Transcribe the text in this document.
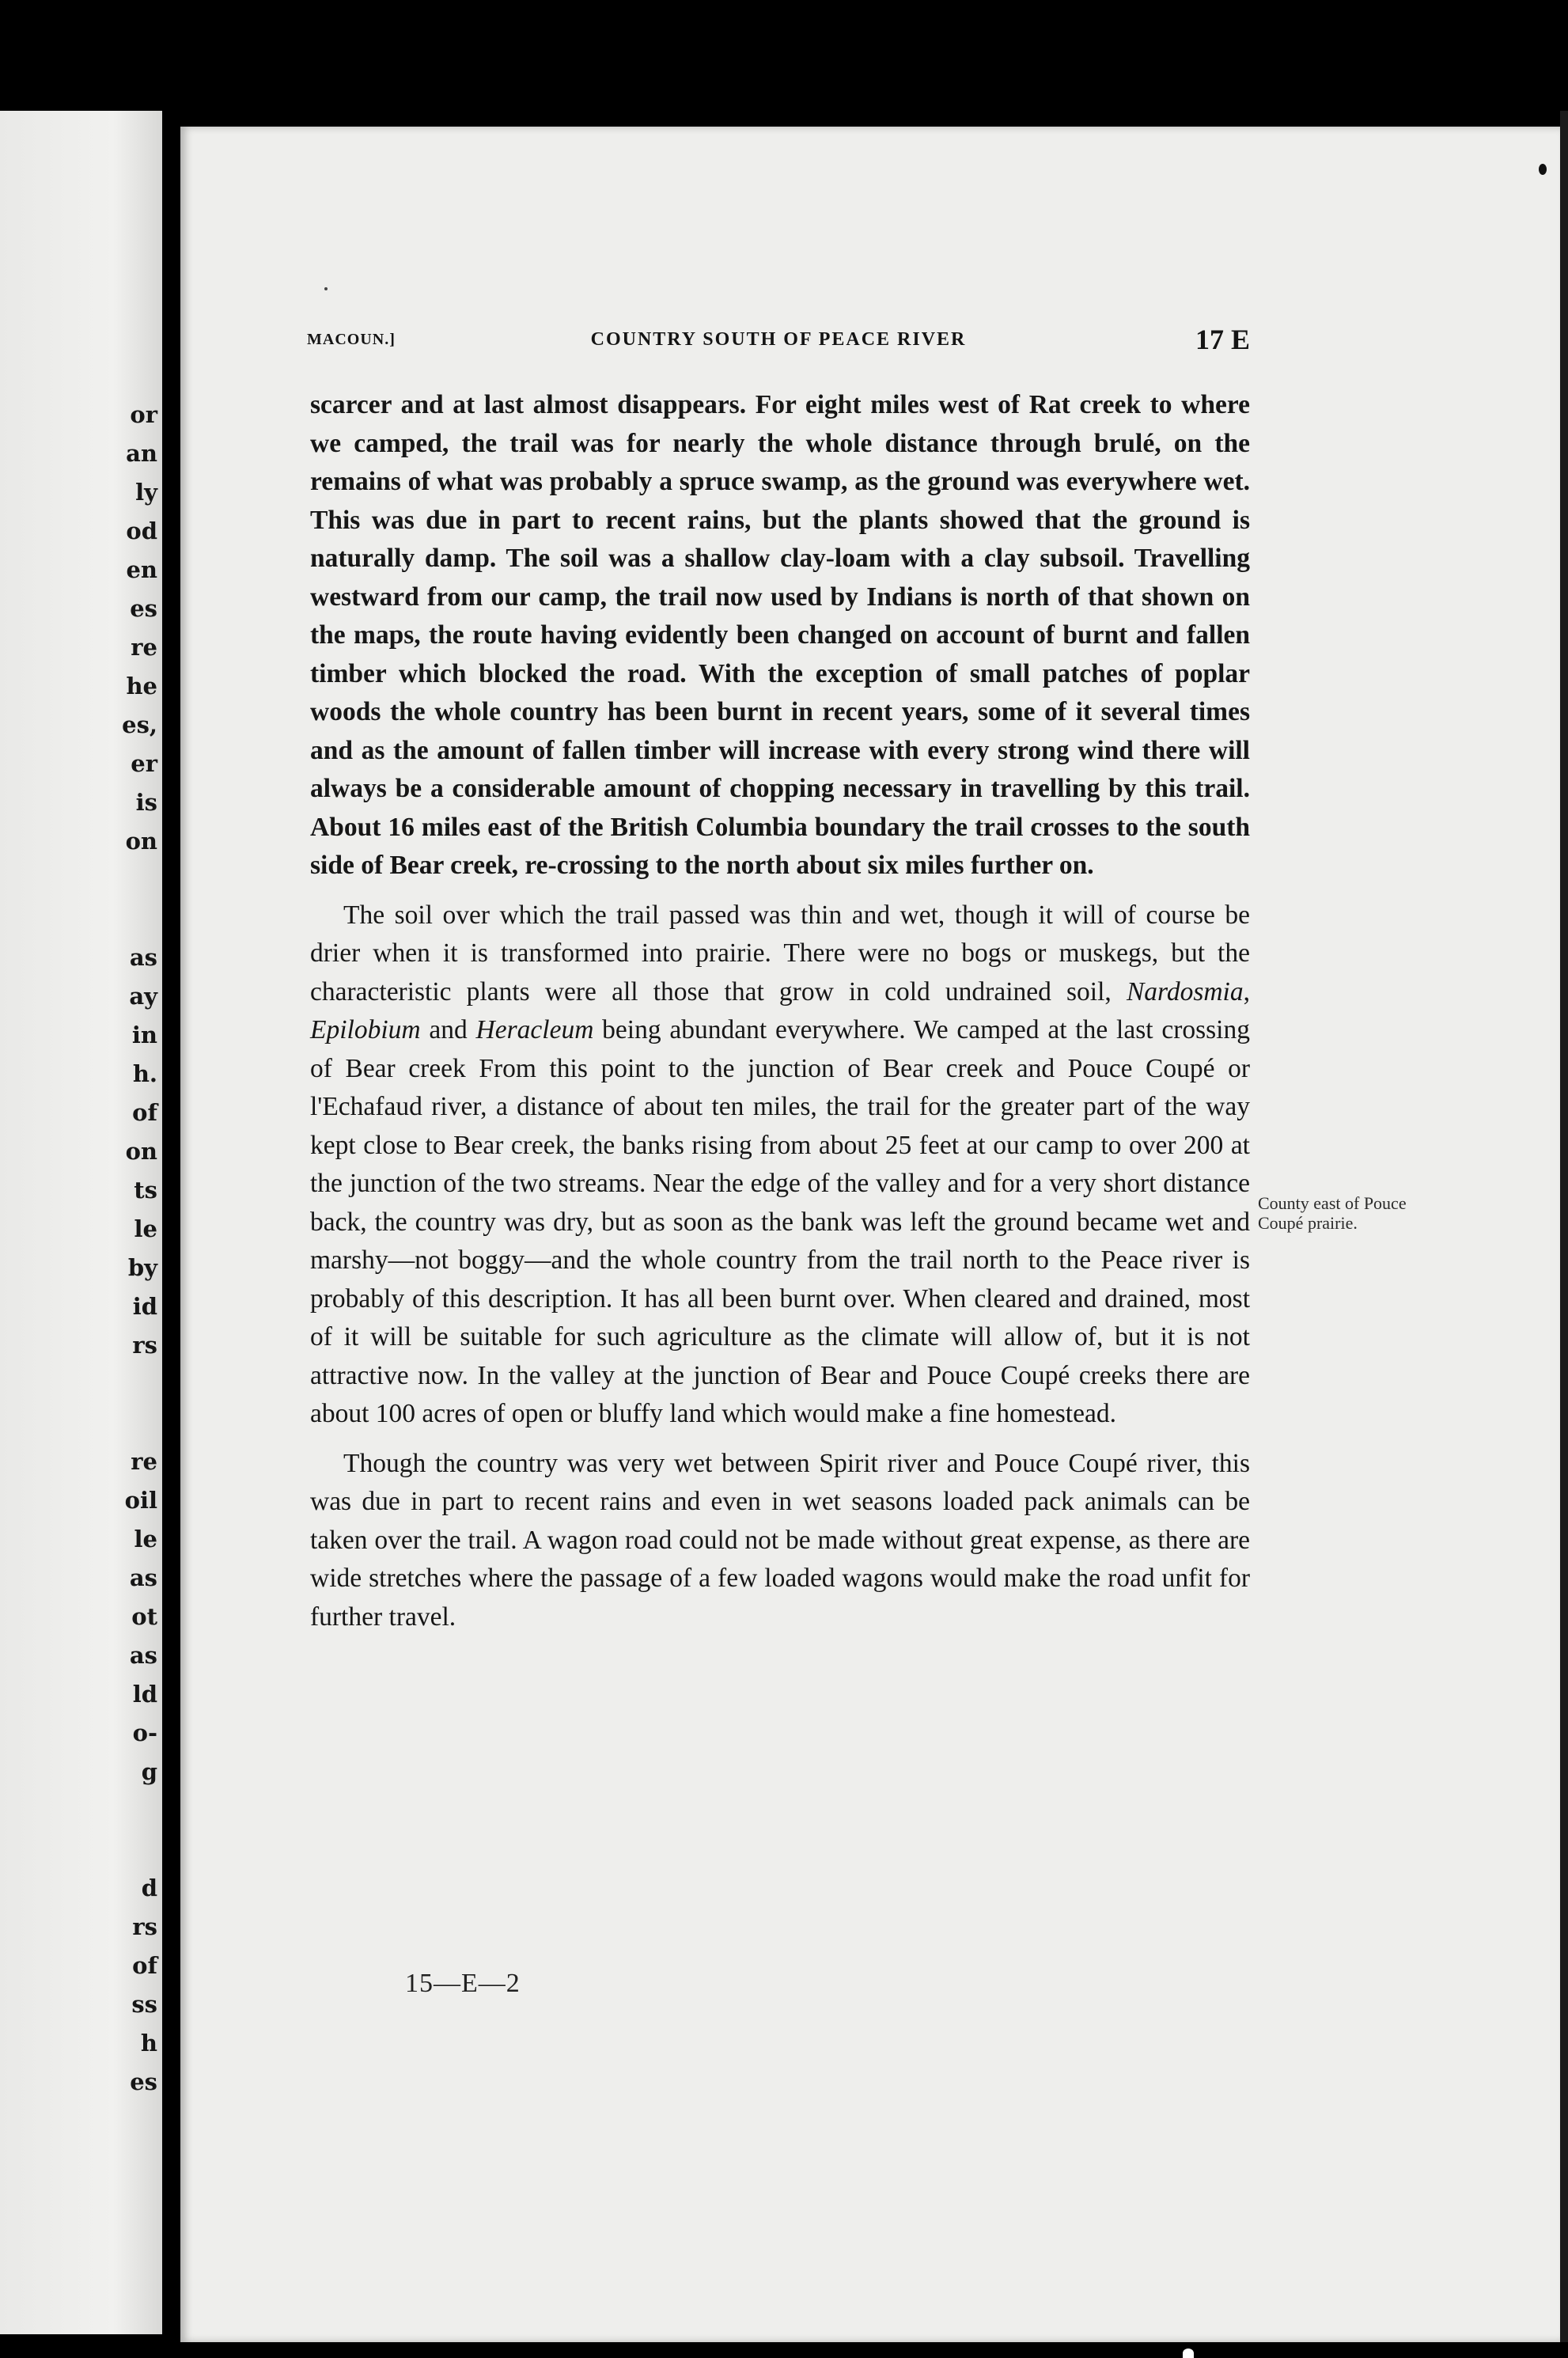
or
an
ly
od
en
es
re
he
es,
er
is
on
as
ay
in
h.
of
on
ts
le
by
id
rs
re
oil
le
as
ot
as
ld
o-
g
d
rs
of
ss
h
es
MACOUN.]	COUNTRY SOUTH OF PEACE RIVER	17 E

scarcer and at last almost disappears. For eight miles west of Rat creek to where we camped, the trail was for nearly the whole distance through brulé, on the remains of what was probably a spruce swamp, as the ground was everywhere wet. This was due in part to recent rains, but the plants showed that the ground is naturally damp. The soil was a shallow clay-loam with a clay subsoil. Travelling westward from our camp, the trail now used by Indians is north of that shown on the maps, the route having evidently been changed on account of burnt and fallen timber which blocked the road. With the exception of small patches of poplar woods the whole country has been burnt in recent years, some of it several times and as the amount of fallen timber will increase with every strong wind there will always be a considerable amount of chopping necessary in travelling by this trail. About 16 miles east of the British Columbia boundary the trail crosses to the south side of Bear creek, re-crossing to the north about six miles further on.

The soil over which the trail passed was thin and wet, though it will of course be drier when it is transformed into prairie. There were no bogs or muskegs, but the characteristic plants were all those that grow in cold undrained soil, Nardosmia, Epilobium and Heracleum being abundant everywhere. We camped at the last crossing of Bear creek From this point to the junction of Bear creek and Pouce Coupé or l'Echafaud river, a distance of about ten miles, the trail for the greater part of the way kept close to Bear creek, the banks rising from about 25 feet at our camp to over 200 at the junction of the two streams. Near the edge of the valley and for a very short distance back, the country was dry, but as soon as the bank was left the ground became wet and marshy—not boggy—and the whole country from the trail north to the Peace river is probably of this description. It has all been burnt over. When cleared and drained, most of it will be suitable for such agriculture as the climate will allow of, but it is not attractive now. In the valley at the junction of Bear and Pouce Coupé creeks there are about 100 acres of open or bluffy land which would make a fine homestead.

Though the country was very wet between Spirit river and Pouce Coupé river, this was due in part to recent rains and even in wet seasons loaded pack animals can be taken over the trail. A wagon road could not be made without great expense, as there are wide stretches where the passage of a few loaded wagons would make the road unfit for further travel.

County east of Pouce Coupé prairie.
15—E—2
